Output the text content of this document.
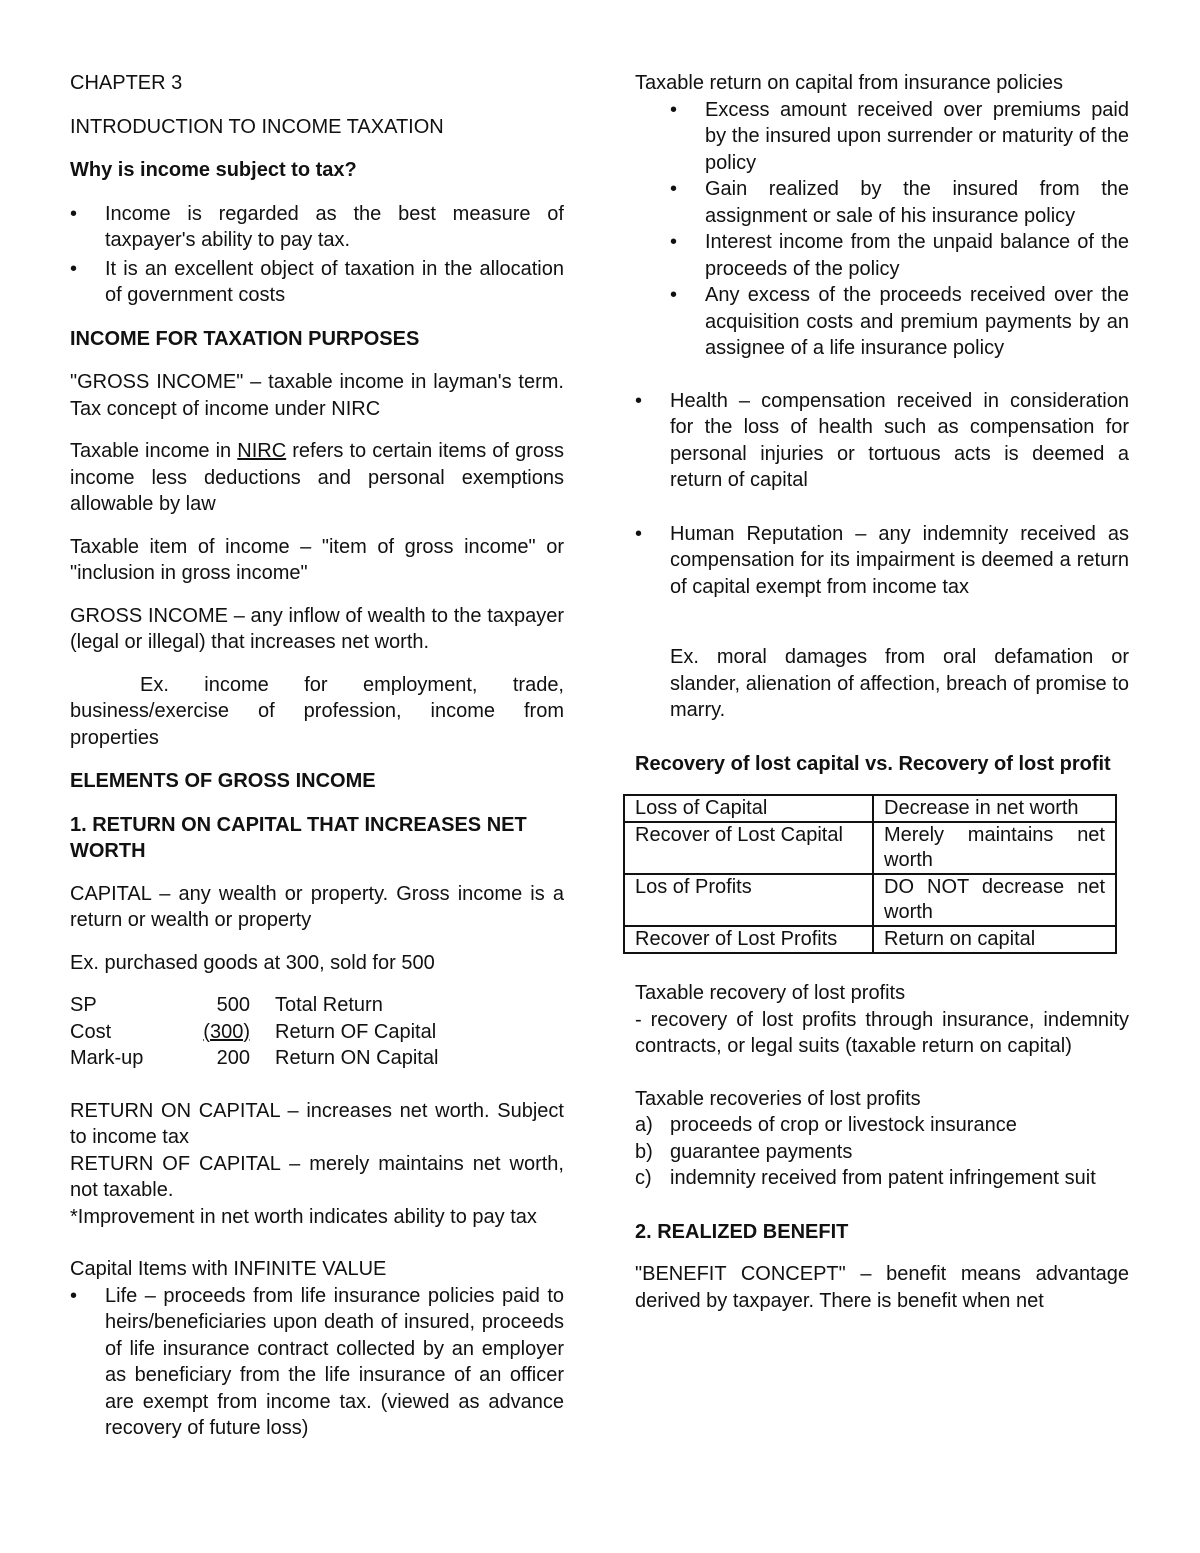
CHAPTER 3

INTRODUCTION TO INCOME TAXATION

Why is income subject to tax?

• Income is regarded as the best measure of taxpayer's ability to pay tax.
• It is an excellent object of taxation in the allocation of government costs

INCOME FOR TAXATION PURPOSES

"GROSS INCOME" – taxable income in layman's term. Tax concept of income under NIRC

Taxable income in NIRC refers to certain items of gross income less deductions and personal exemptions allowable by law

Taxable item of income – "item of gross income" or "inclusion in gross income"

GROSS INCOME – any inflow of wealth to the taxpayer (legal or illegal) that increases net worth.

Ex. income for employment, trade, business/exercise of profession, income from properties

ELEMENTS OF GROSS INCOME

1. RETURN ON CAPITAL THAT INCREASES NET WORTH

CAPITAL – any wealth or property. Gross income is a return or wealth or property

Ex. purchased goods at 300, sold for 500

SP	500 Total Return
Cost	(300) Return OF Capital
Mark-up	200 Return ON Capital

RETURN ON CAPITAL – increases net worth. Subject to income tax

RETURN OF CAPITAL – merely maintains net worth, not taxable.

*Improvement in net worth indicates ability to pay tax

Capital Items with INFINITE VALUE

• Life – proceeds from life insurance policies paid to heirs/beneficiaries upon death of insured, proceeds of life insurance contract collected by an employer as beneficiary from the life insurance of an officer are exempt from income tax. (viewed as advance recovery of future loss)

Taxable return on capital from insurance policies

• Excess amount received over premiums paid by the insured upon surrender or maturity of the policy
• Gain realized by the insured from the assignment or sale of his insurance policy
• Interest income from the unpaid balance of the proceeds of the policy
• Any excess of the proceeds received over the acquisition costs and premium payments by an assignee of a life insurance policy
• Health – compensation received in consideration for the loss of health such as compensation for personal injuries or tortuous acts is deemed a return of capital
• Human Reputation – any indemnity received as compensation for its impairment is deemed a return of capital exempt from income tax

Ex. moral damages from oral defamation or slander, alienation of affection, breach of promise to marry.

Recovery of lost capital vs. Recovery of lost profit

Loss of Capital	Decrease in net worth
Recover of Lost Capital	Merely maintains net worth
Los of Profits	DO NOT decrease net worth
Recover of Lost Profits	Return on capital

Taxable recovery of lost profits

- recovery of lost profits through insurance, indemnity contracts, or legal suits (taxable return on capital)

Taxable recoveries of lost profits

a) proceeds of crop or livestock insurance
b) guarantee payments
c) indemnity received from patent infringement suit

2. REALIZED BENEFIT

"BENEFIT CONCEPT" – benefit means advantage derived by taxpayer. There is benefit when net
